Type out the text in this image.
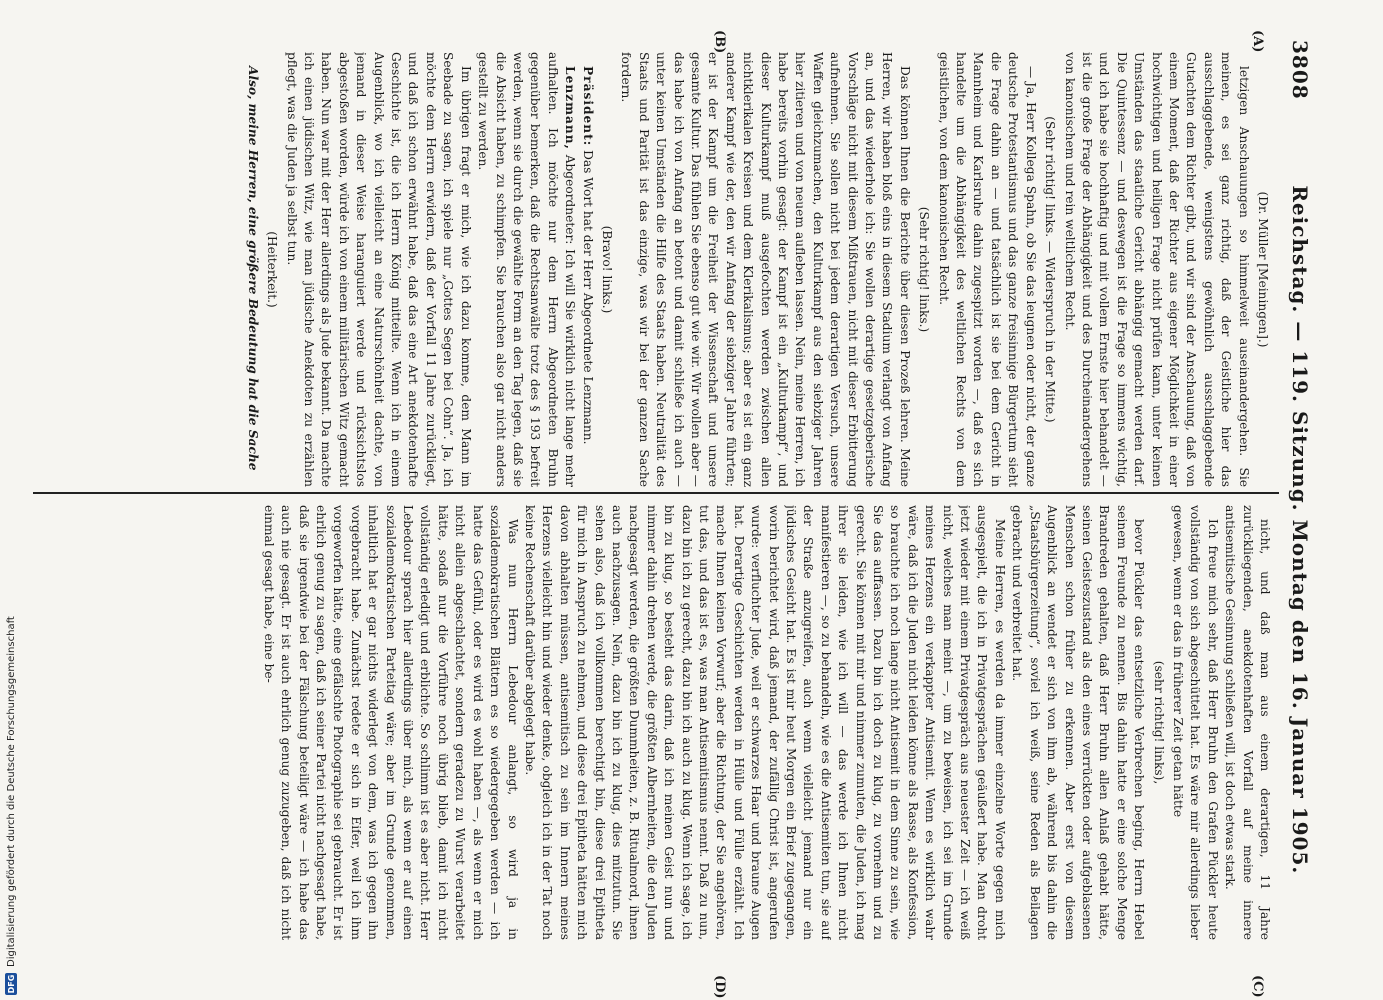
3808
Reichstag. — 119. Sitzung. Montag den 16. Januar 1905.
(A)
(B)
(C)
(D)

(Dr. Müller [Meiningen].)

letzigen Anschauungen so himmelweit auseinandergehen. Sie meinen, es sei ganz richtig, daß der Geistliche hier das ausschlaggebende, wenigstens gewöhnlich ausschlaggebende Gutachten dem Richter gibt, und wir sind der Anschauung, daß von einem Moment, daß der Richter aus eigener Möglichkeit in einer hochwichtigen und heiligen Frage nicht prüfen kann, unter keinen Umständen das staatliche Gericht abhängig gemacht werden darf. Die Quintessenz — und deswegen ist die Frage so immens wichtig, und ich habe sie hochhaftig und mit vollem Ernste hier behandelt — ist die große Frage der Abhängigkeit und des Durcheinandergehens von kanonischem und rein weltlichem Recht.

(Sehr richtig! links. — Widerspruch in der Mitte.)

— Ja, Herr Kollega Spahn, ob Sie das leugnen oder nicht, der ganze deutsche Protestantismus und das ganze freisinnige Bürgertum sieht die Frage dahin an — und tatsächlich ist sie bei dem Gericht in Mannheim und Karlsruhe dahin zugespitzt worden —, daß es sich handelte um die Abhängigkeit des weltlichen Rechts von dem geistlichen, von dem kanonischen Recht.

(Sehr richtig! links.)

Das können Ihnen die Berichte über diesen Prozeß lehren. Meine Herren, wir haben bloß eins in diesem Stadium verlangt von Anfang an, und das wiederhole ich: Sie wollen derartige gesetzgeberische Vorschläge nicht mit diesem Mißtrauen, nicht mit dieser Erbitterung aufnehmen. Sie sollen nicht bei jedem derartigen Versuch, unsere Waffen gleichzumachen, den Kulturkampf aus den siebziger Jahren hier zitieren und von neuem aufleben lassen. Nein, meine Herren, ich habe bereits vorhin gesagt: der Kampf ist ein „Kulturkampf“, und dieser Kulturkampf muß ausgefochten werden zwischen allen nichtklerikalen Kreisen und dem Klerikalismus; aber es ist ein ganz anderer Kampf wie der, den wir Anfang der siebziger Jahre führten; er ist der Kampf um die Freiheit der Wissenschaft und unsere gesamte Kultur. Das fühlen Sie ebenso gut wie wir. Wir wollen aber — das habe ich von Anfang an betont und damit schließe ich auch — unter keinen Umständen die Hilfe des Staats haben. Neutralität des Staats und Parität ist das einzige, was wir bei der ganzen Sache fordern.

(Bravo! links.)

Präsident: Das Wort hat der Herr Abgeordnete Lenzmann.

Lenzmann, Abgeordneter: Ich will Sie wirklich nicht lange mehr aufhalten. Ich möchte nur dem Herrn Abgeordneten Bruhn gegenüber bemerken, daß die Rechtsanwälte trotz des § 193 befreit werden, wenn sie durch die gewählte Form an den Tag legen, daß sie die Absicht haben, zu schimpfen. Sie brauchen also gar nicht anders gestellt zu werden.

Im übrigen fragt er mich, wie ich dazu komme, dem Mann im Seebade zu sagen, ich spiele nur „Gottes Segen bei Cohn“. Ja, ich möchte dem Herrn erwidern, daß der Vorfall 11 Jahre zurückliegt, und daß ich schon erwähnt habe, daß das eine Art anekdotenhafte Geschichte ist, die ich Herrn König mitteilte. Wenn ich in einem Augenblick, wo ich vielleicht an eine Naturschönheit dachte, von jemand in dieser Weise haranguiert werde und rücksichtslos abgestoßen worden, würde ich von einem militärischen Witz gemacht haben. Nun war mit der Herr allerdings als Jude bekannt. Da machte ich einen jüdischen Witz, wie man jüdische Anekdoten zu erzählen pflegt, was die Juden ja selbst tun.

(Heiterkeit.)

Also, meine Herren, eine größere Bedeutung hat die Sache

nicht, und daß man aus einem derartigen, 11 Jahre zurückliegenden, anekdotenhaften Vorfall auf meine innere antisemitische Gesinnung schließen will, ist doch etwas stark.

Ich freue mich sehr, daß Herr Bruhn den Grafen Pückler heute vollständig von sich abgeschüttelt hat. Es wäre mir allerdings lieber gewesen, wenn er das in früherer Zeit getan hätte

(sehr richtig! links),

bevor Pückler das entsetzliche Verbrechen beging, Herrn Hebel seinem Freunde zu nennen. Bis dahin hatte er eine solche Menge Brandreden gehalten, daß Herr Bruhn allen Anlaß gehabt hätte, seinen Geisteszustand als den eines verrückten oder aufgeblasenen Menschen schon früher zu erkennen. Aber erst von diesem Augenblick an wendet er sich von ihm ab, während bis dahin die „Staatsbürgerzeitung“, soviel ich weiß, seine Reden als Beilagen gebracht und verbreitet hat.

Meine Herren, es werden da immer einzelne Worte gegen mich ausgespielt, die ich in Privatgesprächen geäußert habe. Man droht jetzt wieder mit einem Privatgespräch aus neuester Zeit — ich weiß nicht, welches man meint —, um zu beweisen, ich sei im Grunde meines Herzens ein verkappter Antisemit. Wenn es wirklich wahr wäre, daß ich die Juden nicht leiden könne als Rasse, als Konfession, so brauchte ich noch lange nicht Antisemit in dem Sinne zu sein, wie Sie das auffassen. Dazu bin ich doch zu klug, zu vornehm und zu gerecht. Sie können mit mir und nimmer zumuten, die Juden, ich mag ihrer sie leiden, wie ich will — das werde ich Ihnen nicht manifestieren —, so zu behandeln, wie es die Antisemiten tun, sie auf der Straße anzugreifen, auch wenn vielleicht jemand nur ein jüdisches Gesicht hat. Es ist mir heut Morgen ein Brief zugegangen, worin berichtet wird, daß jemand, der zufällig Christ ist, angerufen wurde: verfluchter Jude, weil er schwarzes Haar und braune Augen hat. Derartige Geschichten werden in Hülle und Fülle erzählt. Ich mache Ihnen keinen Vorwurf; aber die Richtung, der Sie angehören, tut das, und das ist es, was man Antisemitismus nennt. Daß zu nun, dazu bin ich zu gerecht, dazu bin ich auch zu klug. Wenn ich sage, ich bin zu klug, so besteht das darin, daß ich meinen Geist nun und nimmer dahin drehen werde, die größten Albernheiten, die den Juden nachgesagt werden, die größten Dummheiten, z. B. Ritualmord, ihnen auch nachzusagen. Nein, dazu bin ich zu klug, dies mitzutun. Sie sehen also, daß ich vollkommen berechtigt bin, diese drei Epitheta für mich in Anspruch zu nehmen, und diese drei Epitheta hätten mich davon abhalten müssen, antisemitisch zu sein im Innern meines Herzens vielleicht hin und wieder denke, obgleich ich in der Tat noch keine Rechenschaft darüber abgelegt habe.

Was nun Herrn Lebedour anlangt, so wird ja in sozialdemokratischen Blättern es so wiedergegeben werden — ich hatte das Gefühl, oder es wird es wohl haben —, als wenn er mich nicht allein abgeschlachtet, sondern geradezu zu Wurst verarbeitet hätte, sodaß nur die Vorführe noch übrig blieb, damit ich nicht vollständig erledigt und erblichte. So schlimm ist es aber nicht. Herr Lebedour sprach hier allerdings über mich, als wenn er auf einen sozialdemokratischen Parteitag wäre; aber im Grunde genommen, inhaltlich hat er gar nichts widerlegt von dem, was ich gegen ihn vorgebracht habe. Zunächst redete er sich in Eifer, weil ich ihm vorgeworfen hätte, eine gefälschte Photographie sei gebraucht. Er ist ehrlich genug zu sagen, daß ich seiner Partei nicht nachgesagt habe, daß sie irgendwie bei der Fälschung beteiligt wäre — ich habe das auch nie gesagt. Er ist auch ehrlich genug zuzugeben, daß ich nicht einmal gesagt habe, eine be-

DFG
Digitalisierung gefördert durch die Deutsche Forschungsgemeinschaft
